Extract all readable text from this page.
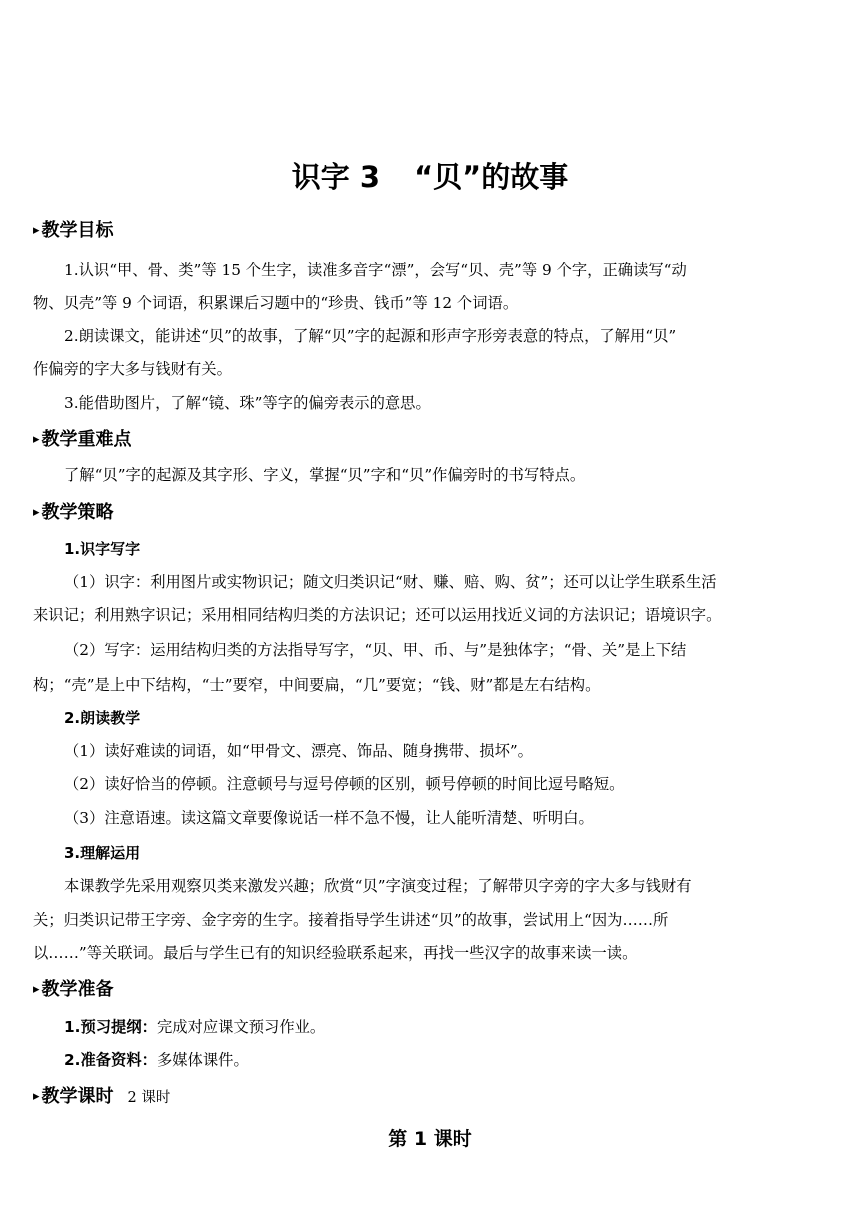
识字 3 “贝”的故事
▸ 教学目标
1.认识“甲、骨、类”等 15 个生字，读准多音字“漂”，会写“贝、壳”等 9 个字，正确读写“动
物、贝壳”等 9 个词语，积累课后习题中的“珍贵、钱币”等 12 个词语。
2.朗读课文，能讲述“贝”的故事，了解“贝”字的起源和形声字形旁表意的特点，了解用“贝”
作偏旁的字大多与钱财有关。
3.能借助图片，了解“镜、珠”等字的偏旁表示的意思。
▸ 教学重难点
了解“贝”字的起源及其字形、字义，掌握“贝”字和“贝”作偏旁时的书写特点。
▸ 教学策略
1.识字写字
（1）识字：利用图片或实物识记；随文归类识记“财、赚、赔、购、贫”；还可以让学生联系生活
来识记；利用熟字识记；采用相同结构归类的方法识记；还可以运用找近义词的方法识记；语境识字。
（2）写字：运用结构归类的方法指导写字，“贝、甲、币、与”是独体字；“骨、关”是上下结
构；“壳”是上中下结构，“士”要窄，中间要扁，“几”要宽；“钱、财”都是左右结构。
2.朗读教学
（1）读好难读的词语，如“甲骨文、漂亮、饰品、随身携带、损坏”。
（2）读好恰当的停顿。注意顿号与逗号停顿的区别，顿号停顿的时间比逗号略短。
（3）注意语速。读这篇文章要像说话一样不急不慢，让人能听清楚、听明白。
3.理解运用
本课教学先采用观察贝类来激发兴趣；欣赏“贝”字演变过程；了解带贝字旁的字大多与钱财有
关；归类识记带王字旁、金字旁的生字。接着指导学生讲述“贝”的故事，尝试用上“因为……所
以……”等关联词。最后与学生已有的知识经验联系起来，再找一些汉字的故事来读一读。
▸ 教学准备
1.预习提纲：完成对应课文预习作业。
2.准备资料：多媒体课件。
▸ 教学课时 2 课时
第 1 课时
